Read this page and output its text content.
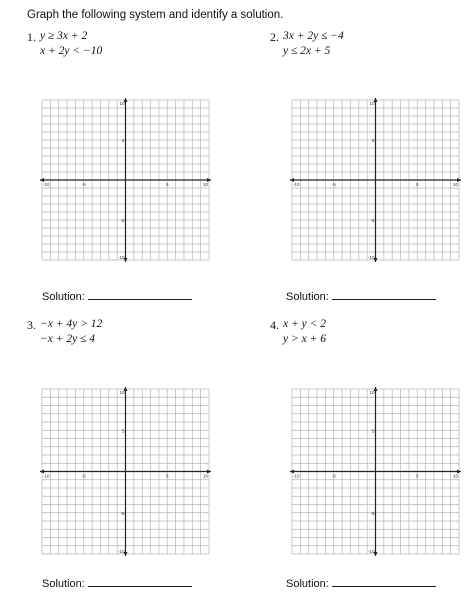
Graph the following system and identify a solution.
1. y ≥ 3x + 2
x + 2y < −10
-10	-5	5	10
10
5
-5
-10
Solution:
2. 3x + 2y ≤ −4
y ≤ 2x + 5
-10	-5	5	10
10
5
-5
-10
Solution:
3. −x + 4y > 12
−x + 2y ≤ 4
-10	-5	5	10
10
5
-5
-10
Solution:
4. x + y < 2
y > x + 6
-10	-5	5	10
10
5
-5
-10
Solution:
